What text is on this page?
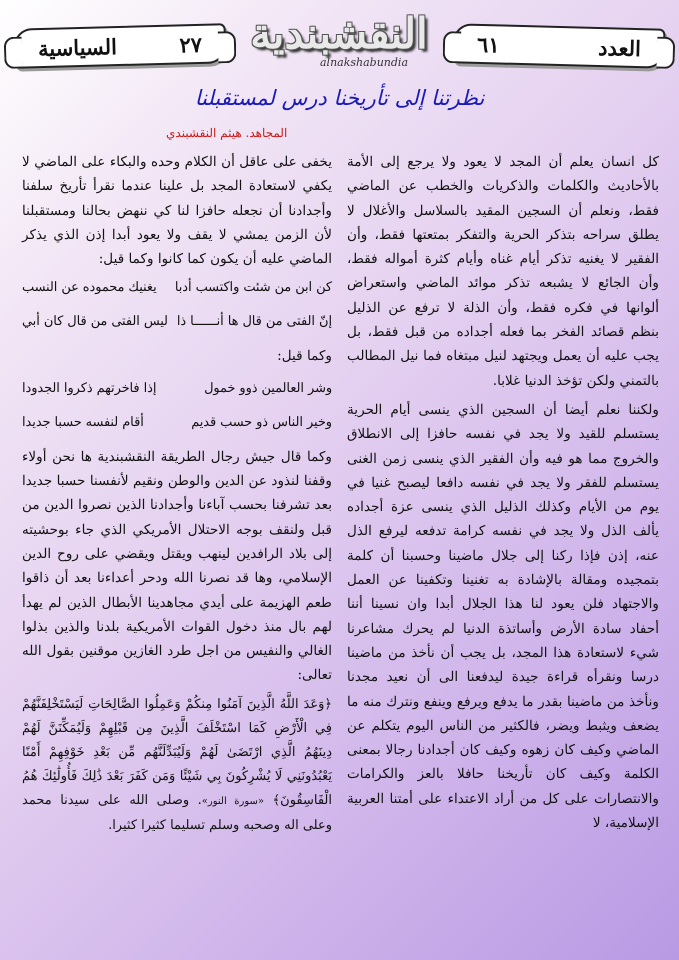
العدد
٦١
النقشبندية
alnakshabundia
٢٧
السياسية
نظرتنا إلى تأريخنا درس لمستقبلنا
المجاهد. هيثم النقشبندي

كل انسان يعلم أن المجد لا يعود ولا يرجع إلى الأمة بالأحاديث والكلمات والذكريات والخطب عن الماضي فقط، ونعلم أن السجين المقيد بالسلاسل والأغلال لا يطلق سراحه بتذكر الحرية والتفكر بمتعتها فقط، وأن الفقير لا يغنيه تذكر أيام غناه وأيام كثرة أمواله فقط، وأن الجائع لا يشبعه تذكر موائد الماضي واستعراض ألوانها في فكره فقط، وأن الذلة لا ترفع عن الذليل بنظم قصائد الفخر بما فعله أجداده من قبل فقط، بل يجب عليه أن يعمل ويجتهد لنيل مبتغاه فما نيل المطالب بالتمني ولكن تؤخذ الدنيا غلابا.

ولكننا نعلم أيضا أن السجين الذي ينسى أيام الحرية يستسلم للقيد ولا يجد في نفسه حافزا إلى الانطلاق والخروج مما هو فيه وأن الفقير الذي ينسى زمن الغنى يستسلم للفقر ولا يجد في نفسه دافعا ليصبح غنيا في يوم من الأيام وكذلك الذليل الذي ينسى عزة أجداده يألف الذل ولا يجد في نفسه كرامة تدفعه ليرفع الذل عنه، إذن فإذا ركنا إلى جلال ماضينا وحسبنا أن كلمة بتمجيده ومقالة بالإشادة به تغنينا وتكفينا عن العمل والاجتهاد فلن يعود لنا هذا الجلال أبدا وان نسينا أننا أحفاد سادة الأرض وأساتذة الدنيا لم يحرك مشاعرنا شيء لاستعادة هذا المجد، بل يجب أن نأخذ من ماضينا درسا ونقرأه قراءة جيدة ليدفعنا الى أن نعيد مجدنا ونأخذ من ماضينا بقدر ما يدفع ويرفع وينفع ونترك منه ما يضعف ويثبط ويضر، فالكثير من الناس اليوم يتكلم عن الماضي وكيف كان زهوه وكيف كان أجدادنا رجالا بمعنى الكلمة وكيف كان تأريخنا حافلا بالعز والكرامات والانتصارات على كل من أراد الاعتداء على أمتنا العربية الإسلامية، لا

يخفى على عاقل أن الكلام وحده والبكاء على الماضي لا يكفي لاستعادة المجد بل علينا عندما نقرأ تأريخ سلفنا وأجدادنا أن نجعله حافزا لنا كي ننهض بحالنا ومستقبلنا لأن الزمن يمشي لا يقف ولا يعود أبدا إذن الذي يذكر الماضي عليه أن يكون كما كانوا وكما قيل:

كن ابن من شئت واكتسب أدبا
يغنيك محموده عن النسب
إنّ الفتى من قال ها أنــــــا ذا
ليس الفتى من قال كان أبي
وكما قيل:
وشر العالمين ذوو خمول
إذا فاخرتهم ذكروا الجدودا
وخير الناس ذو حسب قديم
أقام لنفسه حسبا جديدا

وكما قال جيش رجال الطريقة النقشبندية ها نحن أولاء وقفنا لنذود عن الدين والوطن ونقيم لأنفسنا حسبا جديدا بعد تشرفنا بحسب آباءنا وأجدادنا الذين نصروا الدين من قبل ولنقف بوجه الاحتلال الأمريكي الذي جاء بوحشيته إلى بلاد الرافدين لينهب ويقتل ويقضي على روح الدين الإسلامي، وها قد نصرنا الله ودحر أعداءنا بعد أن ذاقوا طعم الهزيمة على أيدي مجاهدينا الأبطال الذين لم يهدأ لهم بال منذ دخول القوات الأمريكية بلدنا والذين بذلوا الغالي والنفيس من اجل طرد الغازين موقنين بقول الله تعالى:

﴿وَعَدَ اللَّهُ الَّذِينَ آمَنُوا مِنكُمْ وَعَمِلُوا الصَّالِحَاتِ لَيَسْتَخْلِفَنَّهُمْ فِي الْأَرْضِ كَمَا اسْتَخْلَفَ الَّذِينَ مِن قَبْلِهِمْ وَلَيُمَكِّنَنَّ لَهُمْ دِينَهُمُ الَّذِي ارْتَضَىٰ لَهُمْ وَلَيُبَدِّلَنَّهُم مِّن بَعْدِ خَوْفِهِمْ أَمْنًا يَعْبُدُونَنِي لَا يُشْرِكُونَ بِي شَيْئًا وَمَن كَفَرَ بَعْدَ ذَٰلِكَ فَأُولَٰئِكَ هُمُ الْفَاسِقُونَ﴾ «سورة النور». وصلى الله على سيدنا محمد وعلى اله وصحبه وسلم تسليما كثيرا كثيرا.
